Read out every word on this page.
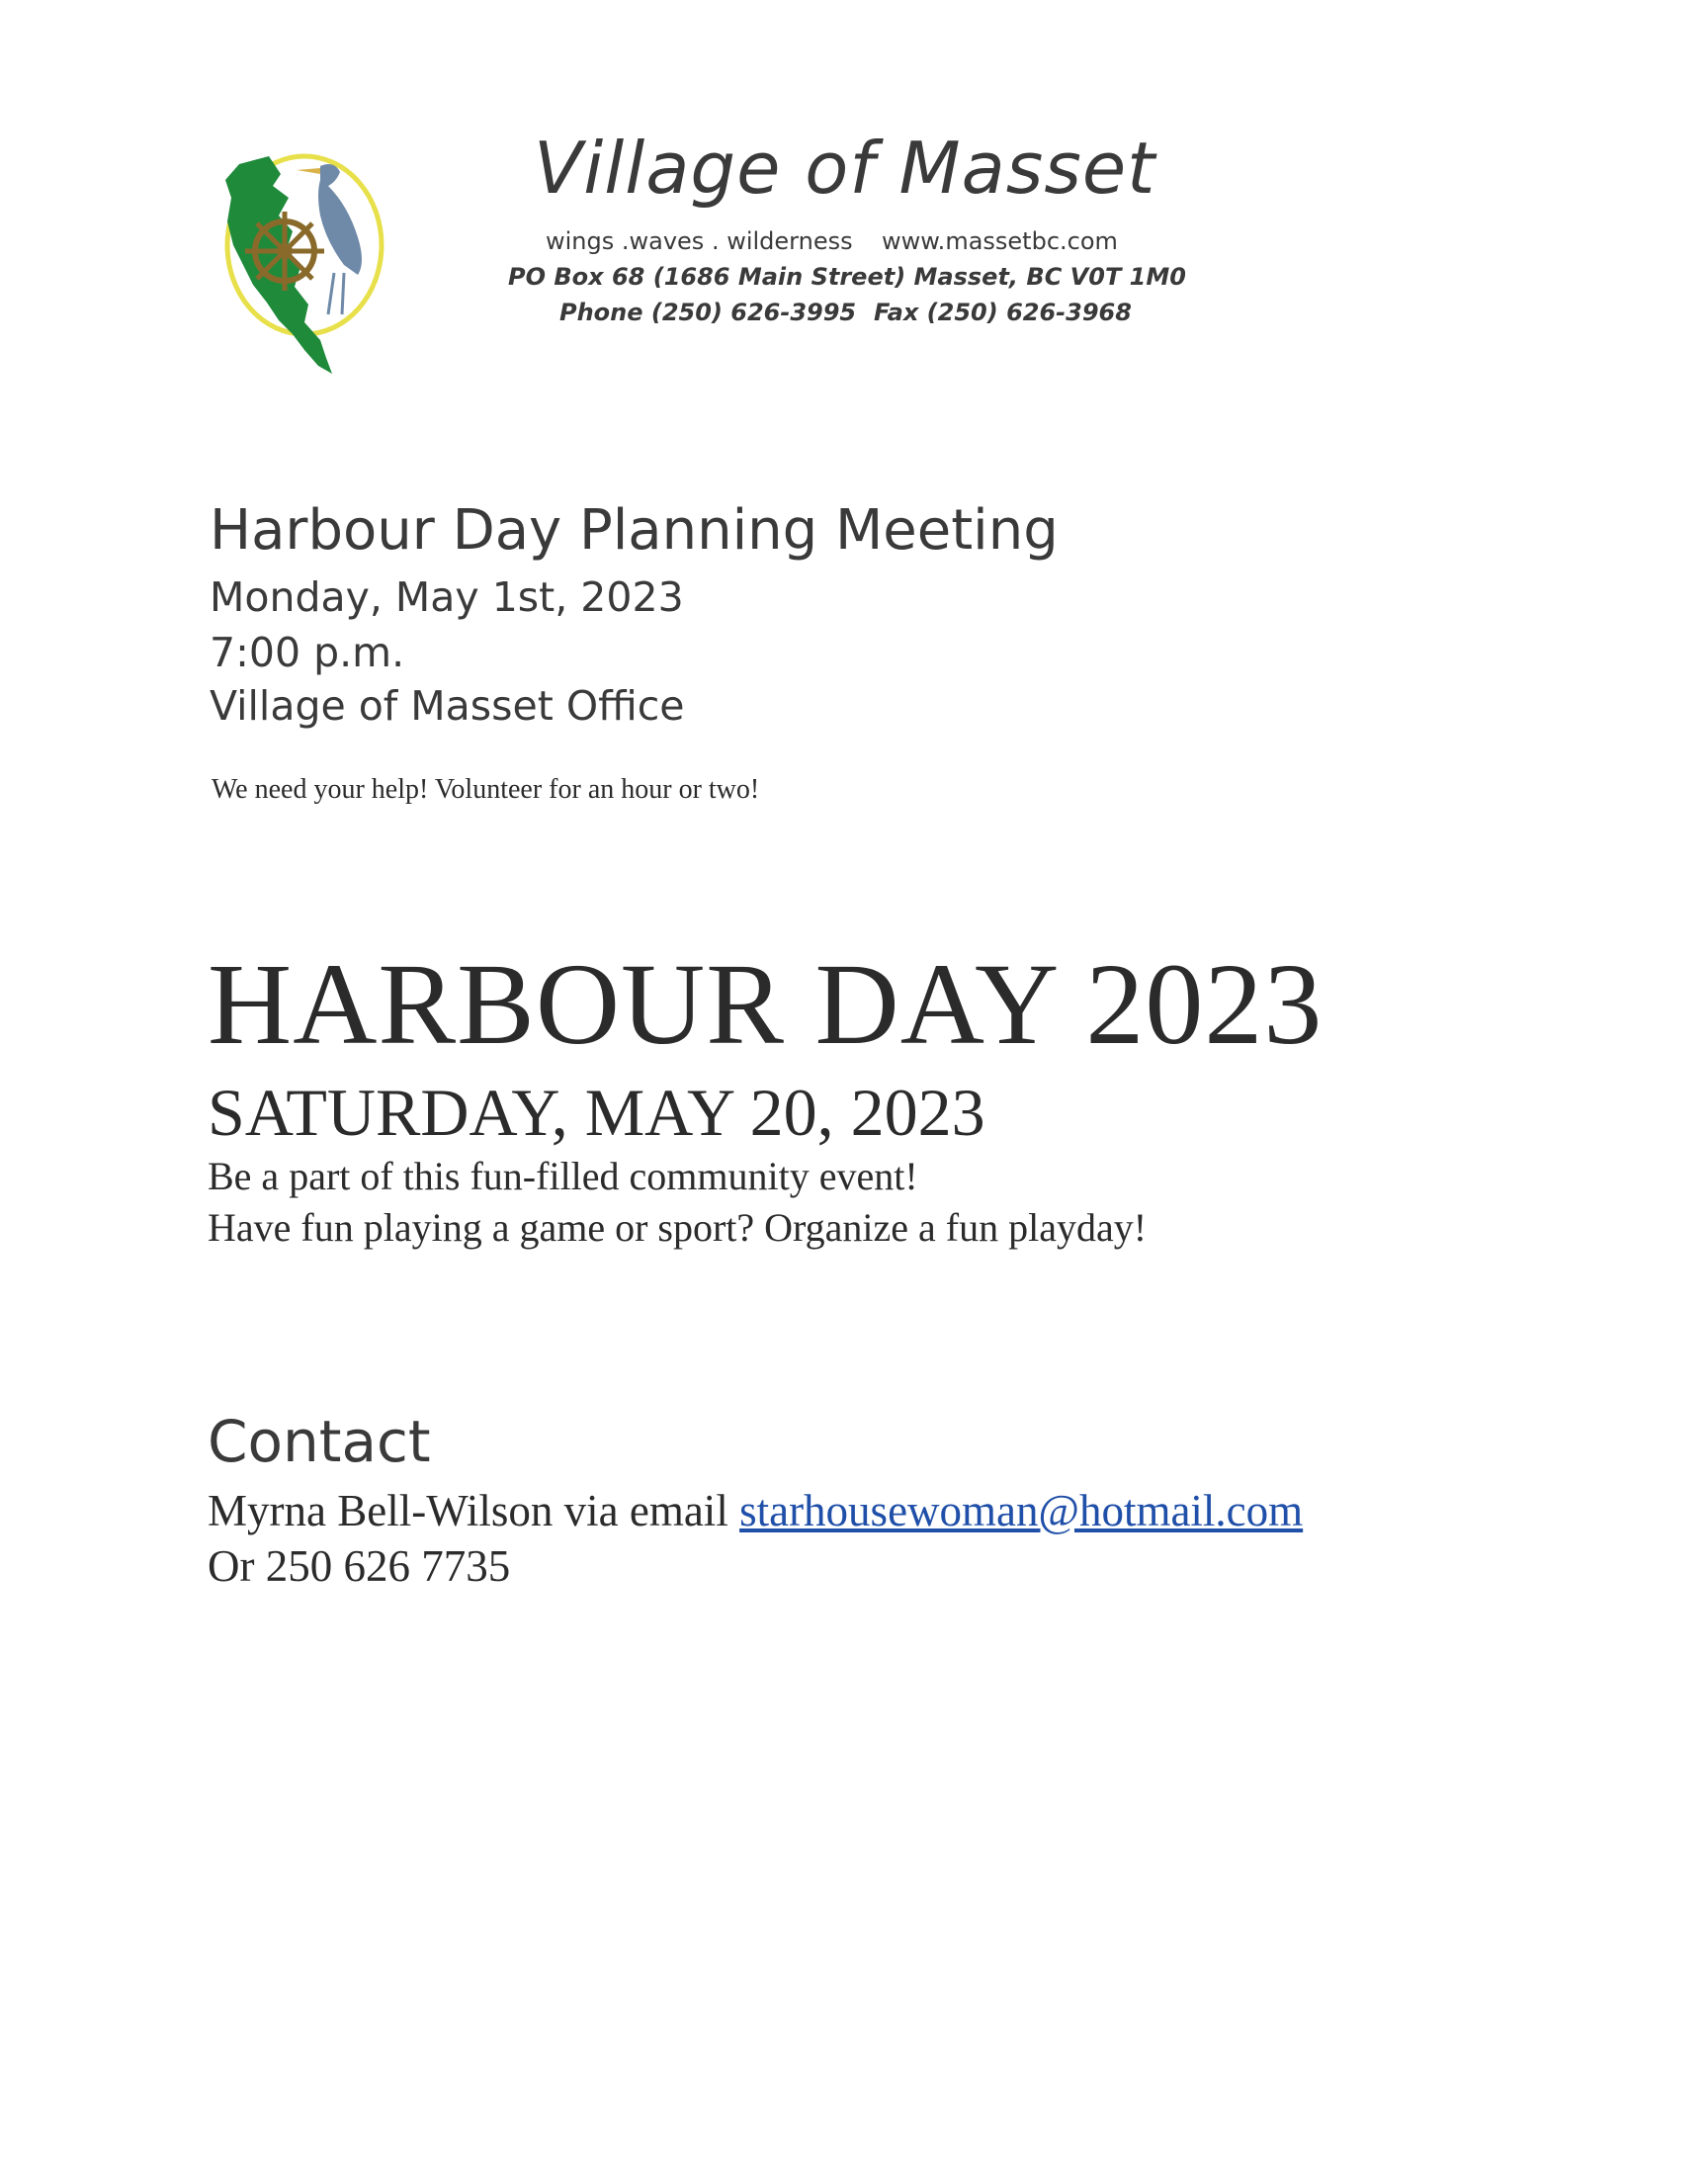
Village of Masset
wings .waves . wilderness www.massetbc.com
PO Box 68 (1686 Main Street) Masset, BC V0T 1M0
Phone (250) 626-3995 Fax (250) 626-3968
Harbour Day Planning Meeting
Monday, May 1st, 2023
7:00 p.m.
Village of Masset Office
We need your help! Volunteer for an hour or two!
HARBOUR DAY 2023
SATURDAY, MAY 20, 2023
Be a part of this fun-filled community event!
Have fun playing a game or sport? Organize a fun playday!
Contact
Myrna Bell-Wilson via email starhousewoman@hotmail.com
Or 250 626 7735
